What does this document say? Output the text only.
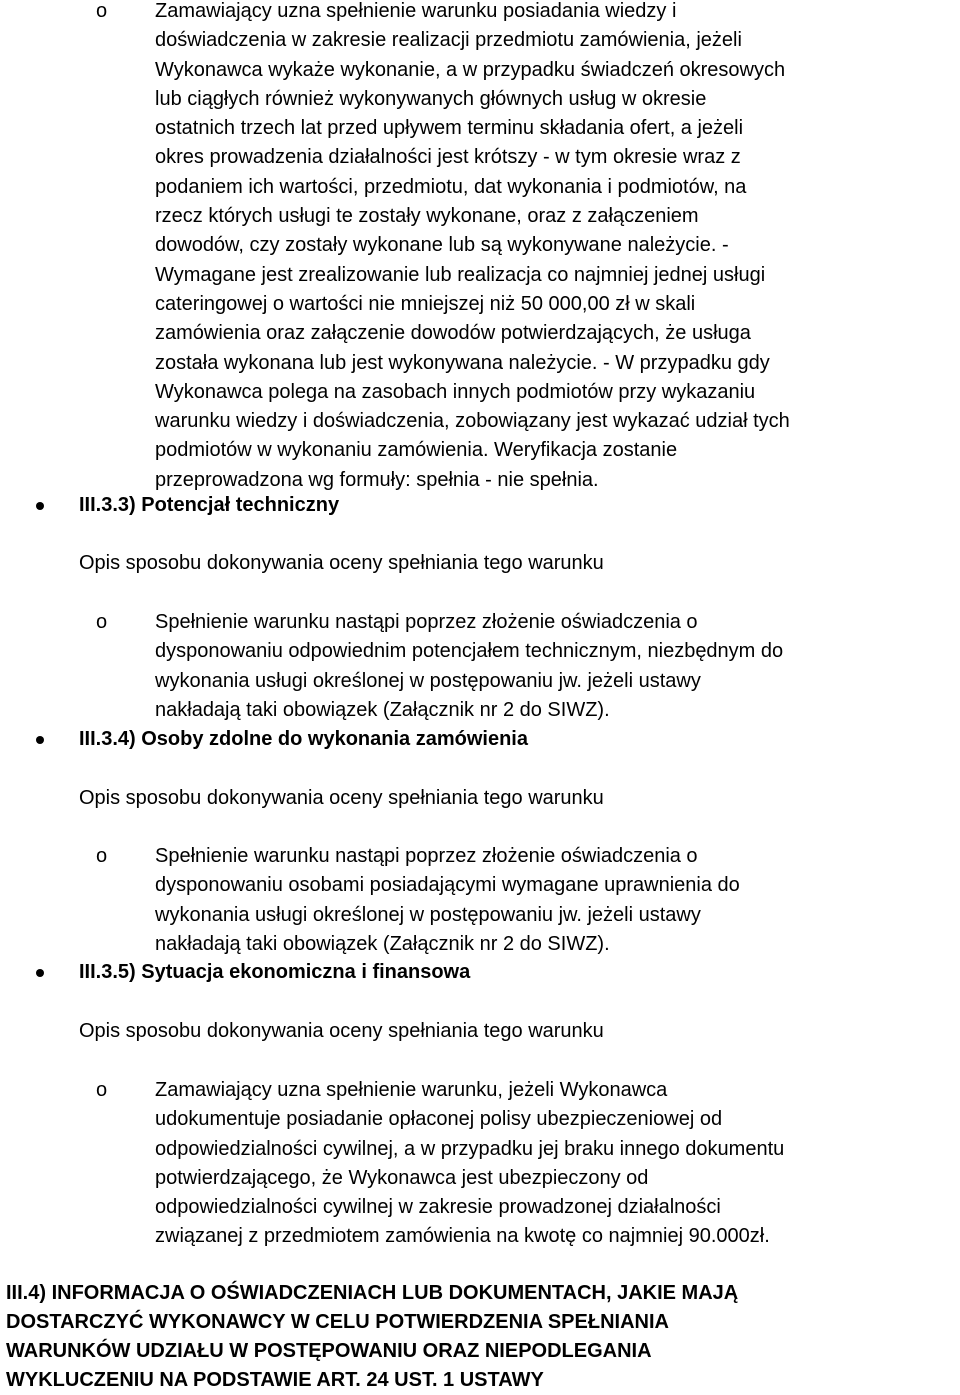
o Zamawiający uzna spełnienie warunku posiadania wiedzy i
doświadczenia w zakresie realizacji przedmiotu zamówienia, jeżeli
Wykonawca wykaże wykonanie, a w przypadku świadczeń okresowych
lub ciągłych również wykonywanych głównych usług w okresie
ostatnich trzech lat przed upływem terminu składania ofert, a jeżeli
okres prowadzenia działalności jest krótszy - w tym okresie wraz z
podaniem ich wartości, przedmiotu, dat wykonania i podmiotów, na
rzecz których usługi te zostały wykonane, oraz z załączeniem
dowodów, czy zostały wykonane lub są wykonywane należycie. -
Wymagane jest zrealizowanie lub realizacja co najmniej jednej usługi
cateringowej o wartości nie mniejszej niż 50 000,00 zł w skali
zamówienia oraz załączenie dowodów potwierdzających, że usługa
została wykonana lub jest wykonywana należycie. - W przypadku gdy
Wykonawca polega na zasobach innych podmiotów przy wykazaniu
warunku wiedzy i doświadczenia, zobowiązany jest wykazać udział tych
podmiotów w wykonaniu zamówienia. Weryfikacja zostanie
przeprowadzona wg formuły: spełnia - nie spełnia.
III.3.3) Potencjał techniczny
Opis sposobu dokonywania oceny spełniania tego warunku
o Spełnienie warunku nastąpi poprzez złożenie oświadczenia o
dysponowaniu odpowiednim potencjałem technicznym, niezbędnym do
wykonania usługi określonej w postępowaniu jw. jeżeli ustawy
nakładają taki obowiązek (Załącznik nr 2 do SIWZ).
III.3.4) Osoby zdolne do wykonania zamówienia
Opis sposobu dokonywania oceny spełniania tego warunku
o Spełnienie warunku nastąpi poprzez złożenie oświadczenia o
dysponowaniu osobami posiadającymi wymagane uprawnienia do
wykonania usługi określonej w postępowaniu jw. jeżeli ustawy
nakładają taki obowiązek (Załącznik nr 2 do SIWZ).
III.3.5) Sytuacja ekonomiczna i finansowa
Opis sposobu dokonywania oceny spełniania tego warunku
o Zamawiający uzna spełnienie warunku, jeżeli Wykonawca
udokumentuje posiadanie opłaconej polisy ubezpieczeniowej od
odpowiedzialności cywilnej, a w przypadku jej braku innego dokumentu
potwierdzającego, że Wykonawca jest ubezpieczony od
odpowiedzialności cywilnej w zakresie prowadzonej działalności
związanej z przedmiotem zamówienia na kwotę co najmniej 90.000zł.
III.4) INFORMACJA O OŚWIADCZENIACH LUB DOKUMENTACH, JAKIE MAJĄ
DOSTARCZYĆ WYKONAWCY W CELU POTWIERDZENIA SPEŁNIANIA
WARUNKÓW UDZIAŁU W POSTĘPOWANIU ORAZ NIEPODLEGANIA
WYKLUCZENIU NA PODSTAWIE ART. 24 UST. 1 USTAWY
